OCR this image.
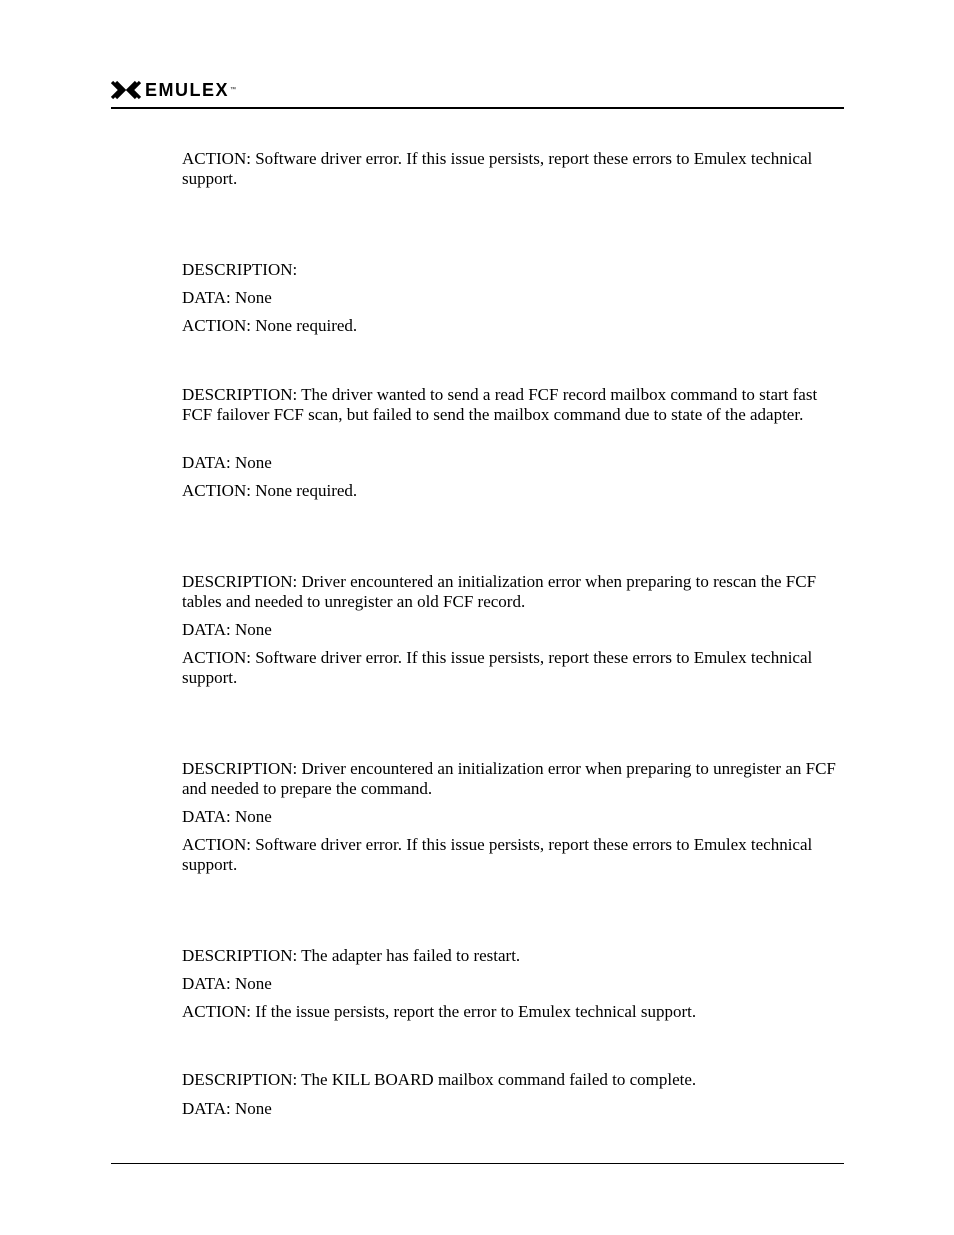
EMULEX ™

ACTION: Software driver error. If this issue persists, report these errors to Emulex technical support.

DESCRIPTION:

DATA: None

ACTION: None required.

DESCRIPTION: The driver wanted to send a read FCF record mailbox command to start fast FCF failover FCF scan, but failed to send the mailbox command due to state of the adapter.

DATA: None

ACTION: None required.

DESCRIPTION: Driver encountered an initialization error when preparing to rescan the FCF tables and needed to unregister an old FCF record.

DATA: None

ACTION: Software driver error. If this issue persists, report these errors to Emulex technical support.

DESCRIPTION: Driver encountered an initialization error when preparing to unregister an FCF and needed to prepare the command.

DATA: None

ACTION: Software driver error. If this issue persists, report these errors to Emulex technical support.

DESCRIPTION: The adapter has failed to restart.

DATA: None

ACTION: If the issue persists, report the error to Emulex technical support.

DESCRIPTION: The KILL BOARD mailbox command failed to complete.

DATA: None
